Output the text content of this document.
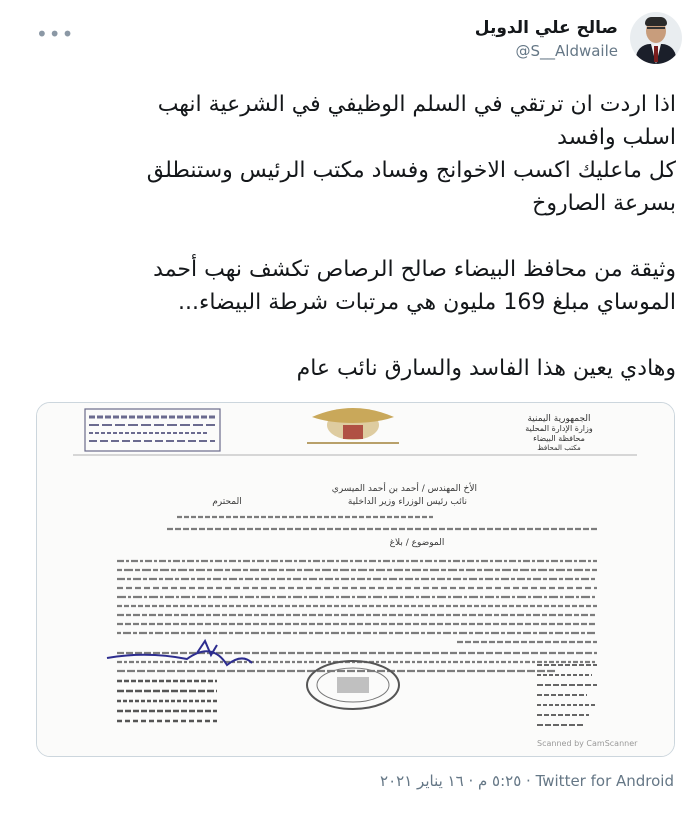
•••	صالح علي الدويل
@S__Aldwaile

اذا اردت ان ترتقي في السلم الوظيفي في الشرعية انهب

اسلب وافسد

كل ماعليك اكسب الاخوانج وفساد مكتب الرئيس وستنطلق

بسرعة الصاروخ

وثيقة من محافظ البيضاء صالح الرصاص تكشف نهب أحمد

الموساي مبلغ 169 مليون هي مرتبات شرطة البيضاء...

وهادي يعين هذا الفاسد والسارق نائب عام

الجمهورية اليمنية
وزارة الإدارة المحلية
محافظة البيضاء
مكتب المحافظ
الأخ المهندس / أحمد بن أحمد الميسري
نائب رئيس الوزراء وزير الداخلية
المحترم
الموضوع / بلاغ
Scanned by CamScanner
٥:٢٥ م · ١٦ يناير ٢٠٢١ · Twitter for Android
